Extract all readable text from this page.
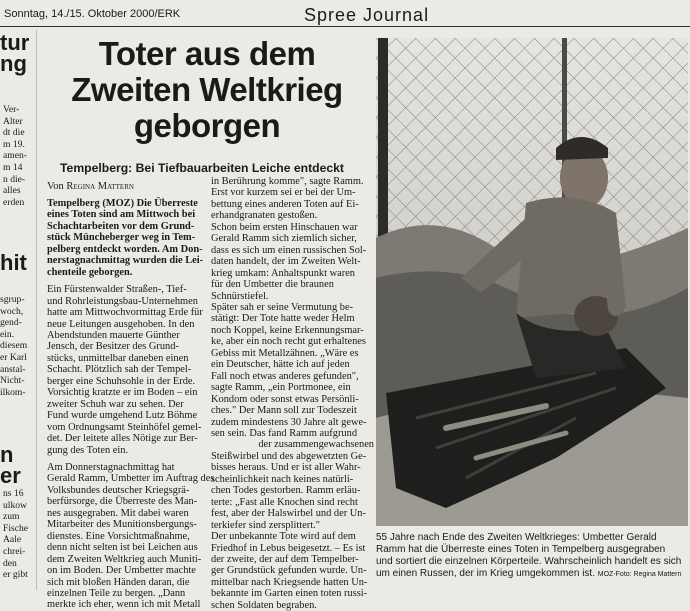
Sonntag, 14./15. Oktober 2000/ERK	Spree Journal
tur
ng
Ver-
Alter
dt die
m 19.
amen-
m 14
n die-
alles
erden
hit
sgrup-
woch,
gend-
ein.
diesem
er Karl
anstal-
Nicht-
ilkom-
n
er
ns 16
ulkow
zum
Fische
Aale
chrei-
den
er gibt
Toter aus dem
Zweiten Weltkrieg
geborgen
Tempelberg: Bei Tiefbauarbeiten Leiche entdeckt
Von Regina Mattern
Tempelberg (MOZ) Die Überreste
eines Toten sind am Mittwoch bei
Schachtarbeiten vor dem Grund-
stück Müncheberger weg in Tem-
pelberg entdeckt worden. Am Don-
nerstagnachmittag wurden die Lei-
chenteile geborgen.
Ein Fürstenwalder Straßen-, Tief-
und Rohrleistungsbau-Unternehmen
hatte am Mittwochvormittag Erde für
neue Leitungen ausgehoben. In den
Abendstunden mauerte Günther
Jensch, der Besitzer des Grund-
stücks, unmittelbar daneben einen
Schacht. Plötzlich sah der Tempel-
berger eine Schuhsohle in der Erde.
Vorsichtig kratzte er im Boden – ein
zweiter Schuh war zu sehen. Der
Fund wurde umgehend Lutz Böhme
vom Ordnungsamt Steinhöfel gemel-
det. Der leitete alles Nötige zur Ber-
gung des Toten ein.
Am Donnerstagnachmittag hat
Gerald Ramm, Umbetter im Auftrag des
Volksbundes deutscher Kriegsgrä-
berfürsorge, die Überreste des Man-
nes ausgegraben. Mit dabei waren
Mitarbeiter des Munitionsbergungs-
dienstes. Eine Vorsichtmaßnahme,
denn nicht selten ist bei Leichen aus
dem Zweiten Weltkrieg auch Muniti-
on im Boden. Der Umbetter machte
sich mit bloßen Händen daran, die
einzelnen Teile zu bergen. „Dann
merkte ich eher, wenn ich mit Metall
in Berührung komme", sagte Ramm.
Erst vor kurzem sei er bei der Um-
bettung eines anderen Toten auf Ei-
erhandgranaten gestoßen.
Schon beim ersten Hinschauen war
Gerald Ramm sich ziemlich sicher,
dass es sich um einen russischen Sol-
daten handelt, der im Zweiten Welt-
krieg umkam: Anhaltspunkt waren
für den Umbetter die braunen
Schnürstiefel.
Später sah er seine Vermutung be-
stätigt: Der Tote hatte weder Helm
noch Koppel, keine Erkennungsmar-
ke, aber ein noch recht gut erhaltenes
Gebiss mit Metallzähnen. „Wäre es
ein Deutscher, hätte ich auf jeden
Fall noch etwas anderes gefunden",
sagte Ramm, „ein Portmonee, ein
Kondom oder sonst etwas Persönli-
ches." Der Mann soll zur Todeszeit
zudem mindestens 30 Jahre alt gewe-
sen sein. Das fand Ramm aufgrund
der zusammengewachsenen
Steißwirbel und des abgewetzten Ge-
bisses heraus. Und er ist aller Wahr-
scheinlichkeit nach keines natürli-
chen Todes gestorben. Ramm erläu-
terte: „Fast alle Knochen sind recht
fest, aber der Halswirbel und der Un-
terkiefer sind zersplittert."
Der unbekannte Tote wird auf dem
Friedhof in Lebus beigesetzt. – Es ist
der zweite, der auf dem Tempelber-
ger Grundstück gefunden wurde. Un-
mittelbar nach Kriegsende hatten Un-
bekannte im Garten einen toten russi-
schen Soldaten begraben.
55 Jahre nach Ende des Zweiten Weltkrieges: Umbetter Gerald
Ramm hat die Überreste eines Toten in Tempelberg ausgegraben
und sortiert die einzelnen Körperteile. Wahrscheinlich handelt es sich
um einen Russen, der im Krieg umgekommen ist. MOZ-Foto: Regina Mattern
